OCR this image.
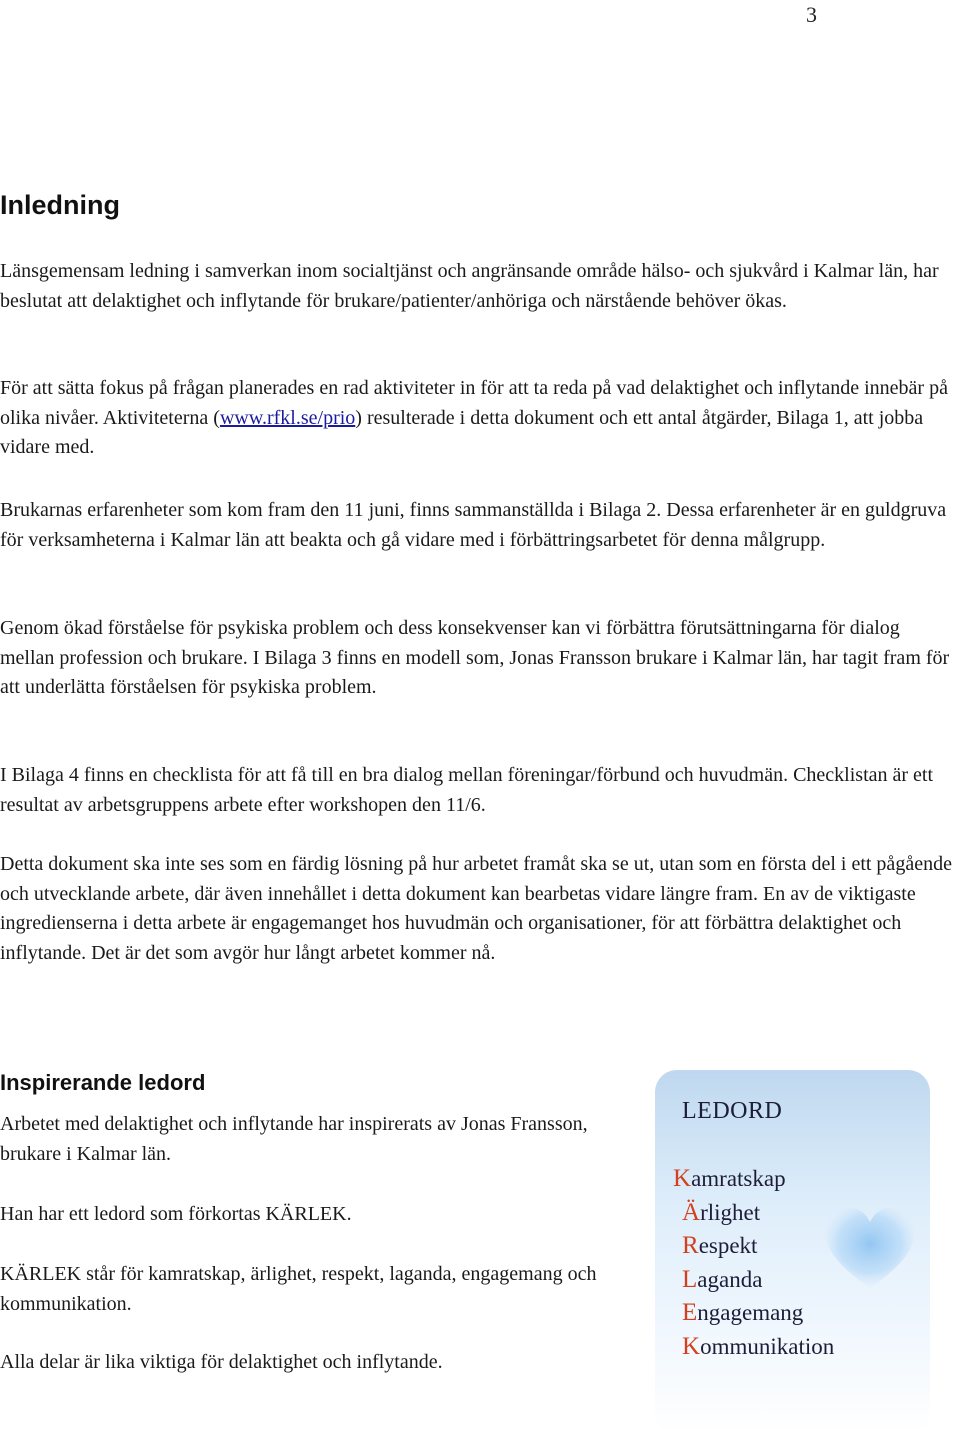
3
Inledning

Länsgemensam ledning i samverkan inom socialtjänst och angränsande område hälso- och sjukvård i Kalmar län, har beslutat att delaktighet och inflytande för brukare/patienter/anhöriga och närstående behöver ökas.

För att sätta fokus på frågan planerades en rad aktiviteter in för att ta reda på vad delaktighet och inflytande innebär på olika nivåer. Aktiviteterna (www.rfkl.se/prio) resulterade i detta dokument och ett antal åtgärder, Bilaga 1, att jobba vidare med.

Brukarnas erfarenheter som kom fram den 11 juni, finns sammanställda i Bilaga 2. Dessa erfarenheter är en guldgruva för verksamheterna i Kalmar län att beakta och gå vidare med i förbättringsarbetet för denna målgrupp.

Genom ökad förståelse för psykiska problem och dess konsekvenser kan vi förbättra förutsättningarna för dialog mellan profession och brukare. I Bilaga 3 finns en modell som, Jonas Fransson brukare i Kalmar län, har tagit fram för att underlätta förståelsen för psykiska problem.

I Bilaga 4 finns en checklista för att få till en bra dialog mellan föreningar/förbund och huvudmän. Checklistan är ett resultat av arbetsgruppens arbete efter workshopen den 11/6.

Detta dokument ska inte ses som en färdig lösning på hur arbetet framåt ska se ut, utan som en första del i ett pågående och utvecklande arbete, där även innehållet i detta dokument kan bearbetas vidare längre fram. En av de viktigaste ingredienserna i detta arbete är engagemanget hos huvudmän och organisationer, för att förbättra delaktighet och inflytande. Det är det som avgör hur långt arbetet kommer nå.

Inspirerande ledord

Arbetet med delaktighet och inflytande har inspirerats av Jonas Fransson, brukare i Kalmar län.

Han har ett ledord som förkortas KÄRLEK.

KÄRLEK står för kamratskap, ärlighet, respekt, laganda, engagemang och kommunikation.

Alla delar är lika viktiga för delaktighet och inflytande.

LEDORD
Kamratskap
Ärlighet
Respekt
Laganda
Engagemang
Kommunikation
